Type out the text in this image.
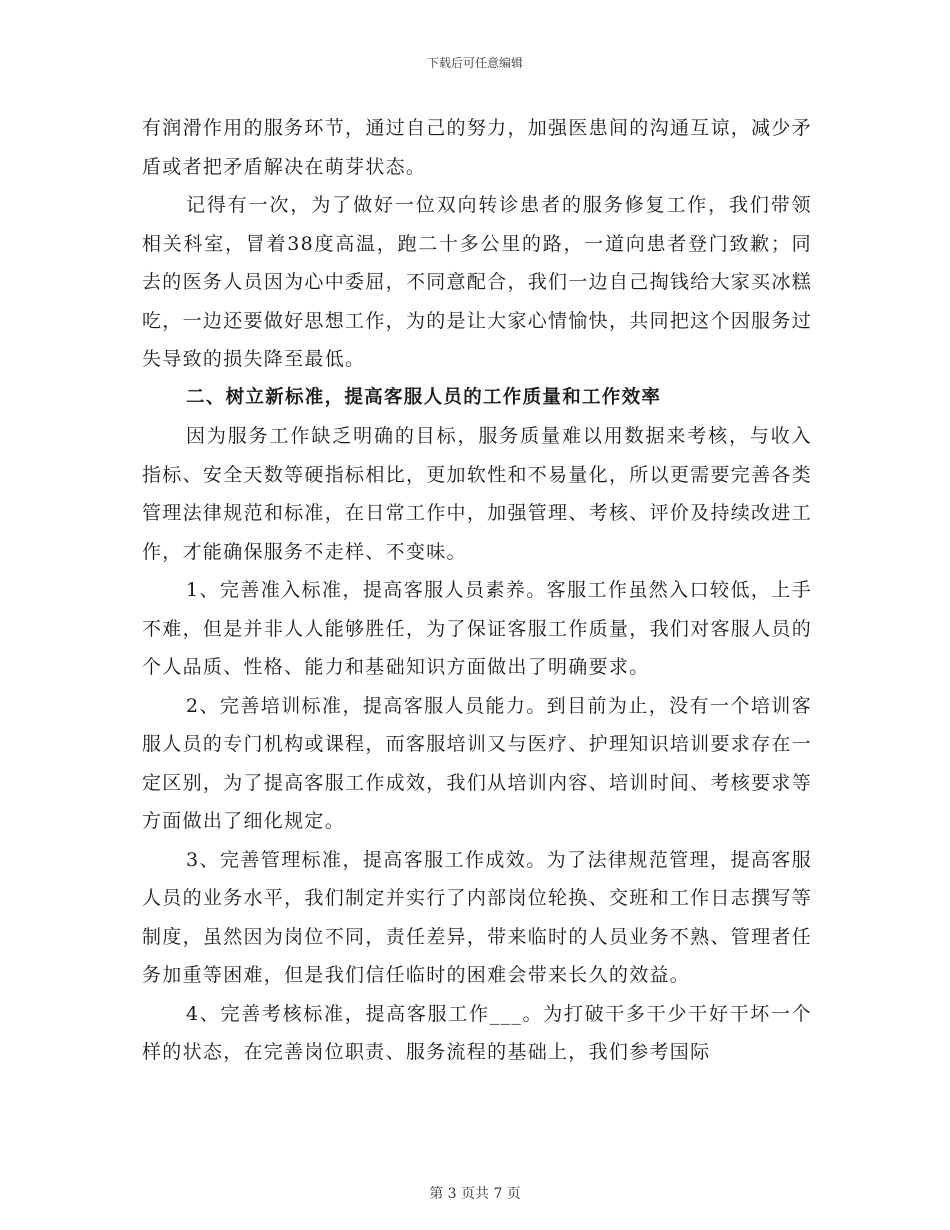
下载后可任意编辑

有润滑作用的服务环节，通过自己的努力，加强医患间的沟通互谅，减少矛盾或者把矛盾解决在萌芽状态。

记得有一次，为了做好一位双向转诊患者的服务修复工作，我们带领相关科室，冒着38度高温，跑二十多公里的路，一道向患者登门致歉；同去的医务人员因为心中委屈，不同意配合，我们一边自己掏钱给大家买冰糕吃，一边还要做好思想工作，为的是让大家心情愉快，共同把这个因服务过失导致的损失降至最低。

二、树立新标准，提高客服人员的工作质量和工作效率

因为服务工作缺乏明确的目标，服务质量难以用数据来考核，与收入指标、安全天数等硬指标相比，更加软性和不易量化，所以更需要完善各类管理法律规范和标准，在日常工作中，加强管理、考核、评价及持续改进工作，才能确保服务不走样、不变味。

1、完善准入标准，提高客服人员素养。客服工作虽然入口较低，上手不难，但是并非人人能够胜任，为了保证客服工作质量，我们对客服人员的个人品质、性格、能力和基础知识方面做出了明确要求。

2、完善培训标准，提高客服人员能力。到目前为止，没有一个培训客服人员的专门机构或课程，而客服培训又与医疗、护理知识培训要求存在一定区别，为了提高客服工作成效，我们从培训内容、培训时间、考核要求等方面做出了细化规定。

3、完善管理标准，提高客服工作成效。为了法律规范管理，提高客服人员的业务水平，我们制定并实行了内部岗位轮换、交班和工作日志撰写等制度，虽然因为岗位不同，责任差异，带来临时的人员业务不熟、管理者任务加重等困难，但是我们信任临时的困难会带来长久的效益。

4、完善考核标准，提高客服工作___。为打破干多干少干好干坏一个样的状态，在完善岗位职责、服务流程的基础上，我们参考国际

第 3 页共 7 页
